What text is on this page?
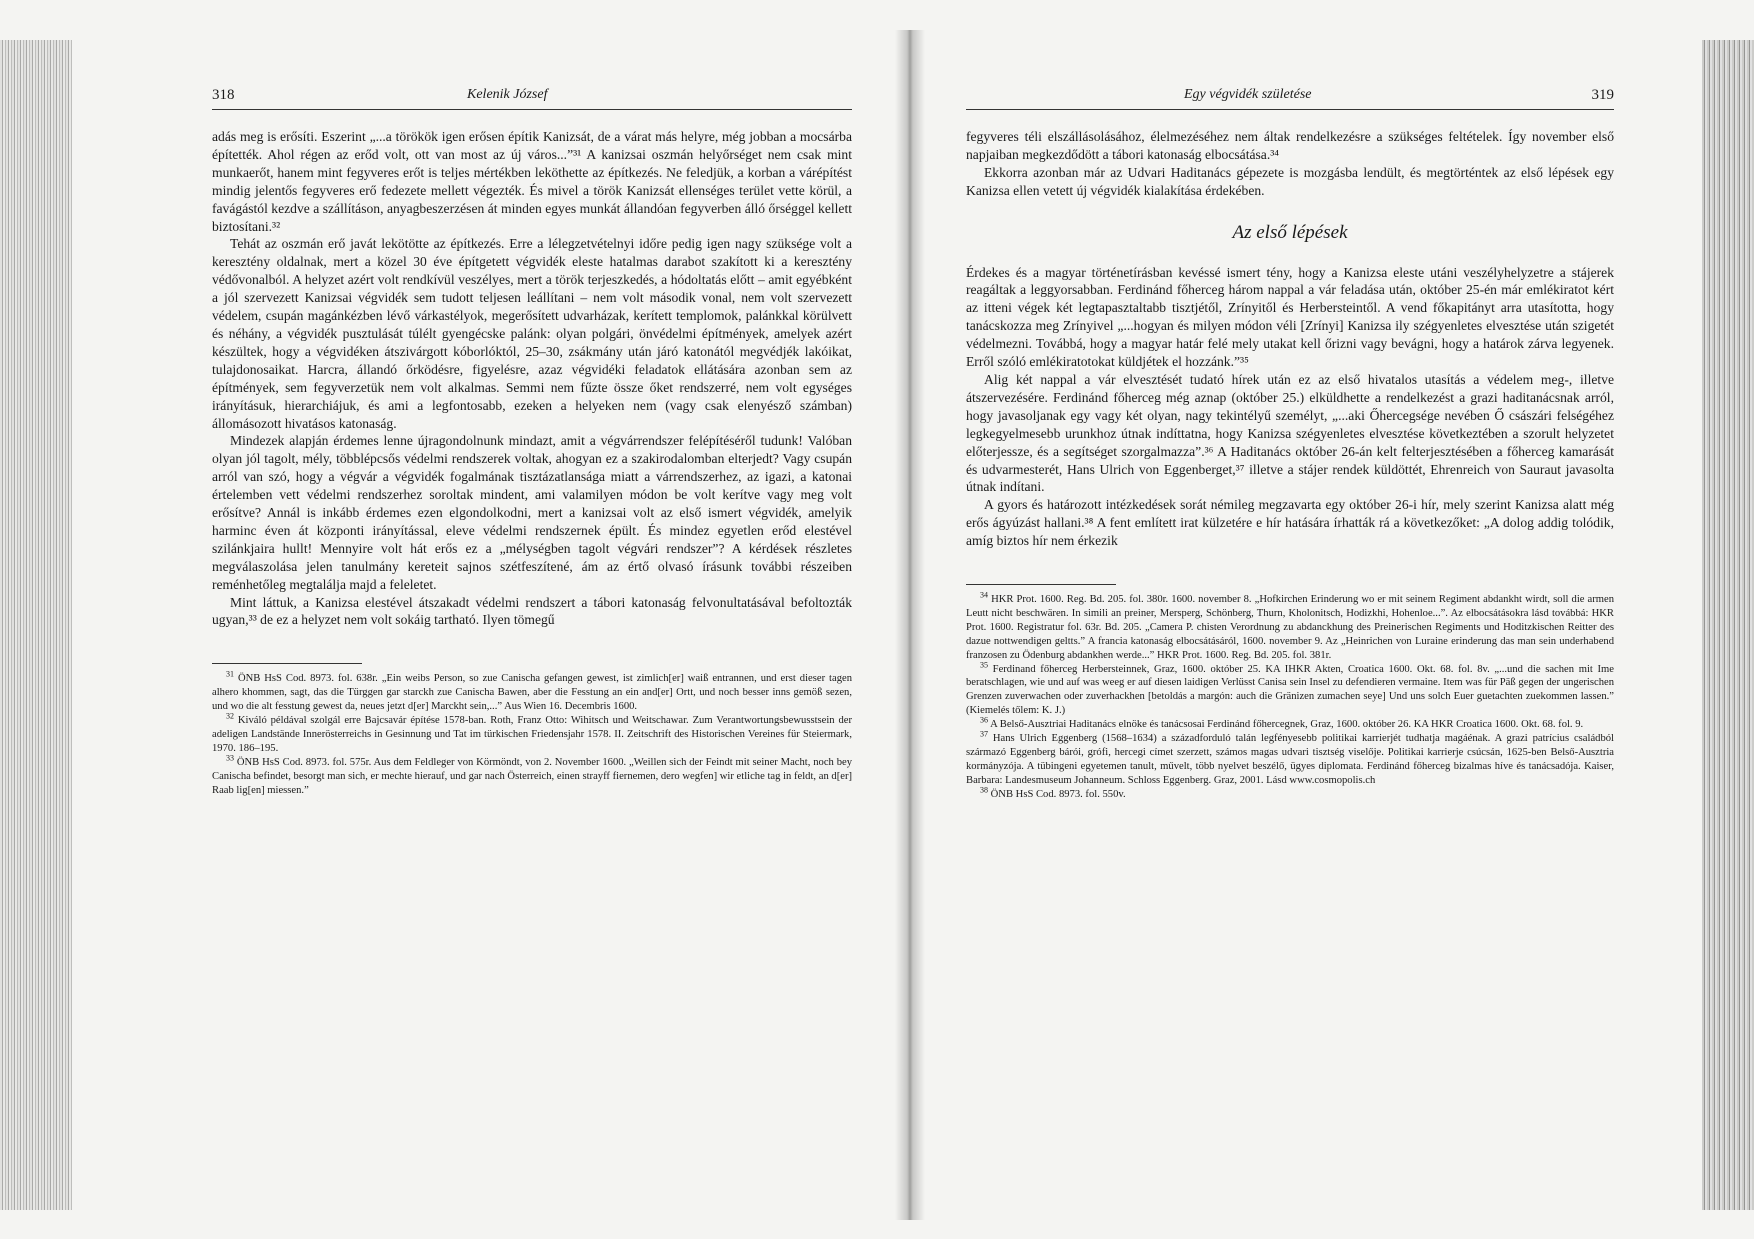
318	Kelenik József

adás meg is erősíti. Eszerint „...a törökök igen erősen építik Kanizsát, de a várat más helyre, még jobban a mocsárba építették. Ahol régen az erőd volt, ott van most az új város...”³¹ A kanizsai oszmán helyőrséget nem csak mint munkaerőt, hanem mint fegyveres erőt is teljes mértékben leköthette az építkezés. Ne feledjük, a korban a várépítést mindig jelentős fegyveres erő fedezete mellett végezték. És mivel a török Kanizsát ellenséges terület vette körül, a favágástól kezdve a szállításon, anyagbeszerzésen át minden egyes munkát állandóan fegyverben álló őrséggel kellett biztosítani.³²

Tehát az oszmán erő javát lekötötte az építkezés. Erre a lélegzetvételnyi időre pedig igen nagy szüksége volt a keresztény oldalnak, mert a közel 30 éve építgetett végvidék eleste hatalmas darabot szakított ki a keresztény védővonalból. A helyzet azért volt rendkívül veszélyes, mert a török terjeszkedés, a hódoltatás előtt – amit egyébként a jól szervezett Kanizsai végvidék sem tudott teljesen leállítani – nem volt második vonal, nem volt szervezett védelem, csupán magánkézben lévő várkastélyok, megerősített udvarházak, kerített templomok, palánkkal körülvett és néhány, a végvidék pusztulását túlélt gyengécske palánk: olyan polgári, önvédelmi építmények, amelyek azért készültek, hogy a végvidéken átszivárgott kóborlóktól, 25–30, zsákmány után járó katonától megvédjék lakóikat, tulajdonosaikat. Harcra, állandó őrködésre, figyelésre, azaz végvidéki feladatok ellátására azonban sem az építmények, sem fegyverzetük nem volt alkalmas. Semmi nem fűzte össze őket rendszerré, nem volt egységes irányításuk, hierarchiájuk, és ami a legfontosabb, ezeken a helyeken nem (vagy csak elenyésző számban) állomásozott hivatásos katonaság.

Mindezek alapján érdemes lenne újragondolnunk mindazt, amit a végvárrendszer felépítéséről tudunk! Valóban olyan jól tagolt, mély, többlépcsős védelmi rendszerek voltak, ahogyan ez a szakirodalomban elterjedt? Vagy csupán arról van szó, hogy a végvár a végvidék fogalmának tisztázatlansága miatt a várrendszerhez, az igazi, a katonai értelemben vett védelmi rendszerhez soroltak mindent, ami valamilyen módon be volt kerítve vagy meg volt erősítve? Annál is inkább érdemes ezen elgondolkodni, mert a kanizsai volt az első ismert végvidék, amelyik harminc éven át központi irányítással, eleve védelmi rendszernek épült. És mindez egyetlen erőd elestével szilánkjaira hullt! Mennyire volt hát erős ez a „mélységben tagolt végvári rendszer”? A kérdések részletes megválaszolása jelen tanulmány kereteit sajnos szétfeszítené, ám az értő olvasó írásunk további részeiben reménhetőleg megtalálja majd a feleletet.

Mint láttuk, a Kanizsa elestével átszakadt védelmi rendszert a tábori katonaság felvonultatásával befoltozták ugyan,³³ de ez a helyzet nem volt sokáig tartható. Ilyen tömegű

$^{31}$ ÖNB HsS Cod. 8973. fol. 638r. „Ein weibs Person, so zue Canischa gefangen gewest, ist zimlich[er] waiß entrannen, und erst dieser tagen alhero khommen, sagt, das die Türggen gar starckh zue Canischa Bawen, aber die Fesstung an ein and[er] Ortt, und noch besser inns gemöß sezen, und wo die alt fesstung gewest da, neues jetzt d[er] Marckht sein,...” Aus Wien 16. Decembris 1600.

$^{32}$ Kiváló példával szolgál erre Bajcsavár építése 1578-ban. Roth, Franz Otto: Wihitsch und Weitschawar. Zum Verantwortungsbewusstsein der adeligen Landstände Innerösterreichs in Gesinnung und Tat im türkischen Friedensjahr 1578. II. Zeitschrift des Historischen Vereines für Steiermark, 1970. 186–195.

$^{33}$ ÖNB HsS Cod. 8973. fol. 575r. Aus dem Feldleger von Körmöndt, von 2. November 1600. „Weillen sich der Feindt mit seiner Macht, noch bey Canischa befindet, besorgt man sich, er mechte hierauf, und gar nach Österreich, einen strayff fiernemen, dero wegfen] wir etliche tag in feldt, an d[er] Raab lig[en] miessen.”

Egy végvidék születése	319

fegyveres téli elszállásolásához, élelmezéséhez nem áltak rendelkezésre a szükséges feltételek. Így november első napjaiban megkezdődött a tábori katonaság elbocsátása.³⁴

Ekkorra azonban már az Udvari Haditanács gépezete is mozgásba lendült, és megtörténtek az első lépések egy Kanizsa ellen vetett új végvidék kialakítása érdekében.

Az első lépések

Érdekes és a magyar történetírásban kevéssé ismert tény, hogy a Kanizsa eleste utáni veszélyhelyzetre a stájerek reagáltak a leggyorsabban. Ferdinánd főherceg három nappal a vár feladása után, október 25-én már emlékiratot kért az itteni végek két legtapasztaltabb tisztjétől, Zrínyitől és Herbersteintől. A vend főkapitányt arra utasította, hogy tanácskozza meg Zrínyivel „...hogyan és milyen módon véli [Zrínyi] Kanizsa ily szégyenletes elvesztése után szigetét védelmezni. Továbbá, hogy a magyar határ felé mely utakat kell őrizni vagy bevágni, hogy a határok zárva legyenek. Erről szóló emlékiratotokat küldjétek el hozzánk.”³⁵

Alig két nappal a vár elvesztését tudató hírek után ez az első hivatalos utasítás a védelem meg-, illetve átszervezésére. Ferdinánd főherceg még aznap (október 25.) elküldhette a rendelkezést a grazi haditanácsnak arról, hogy javasoljanak egy vagy két olyan, nagy tekintélyű személyt, „...aki Őhercegsége nevében Ő császári felségéhez legkegyelmesebb urunkhoz útnak indíttatna, hogy Kanizsa szégyenletes elvesztése következtében a szorult helyzetet előterjessze, és a segítséget szorgalmazza”.³⁶ A Haditanács október 26-án kelt felterjesztésében a főherceg kamarását és udvarmesterét, Hans Ulrich von Eggenberget,³⁷ illetve a stájer rendek küldöttét, Ehrenreich von Sauraut javasolta útnak indítani.

A gyors és határozott intézkedések sorát némileg megzavarta egy október 26-i hír, mely szerint Kanizsa alatt még erős ágyúzást hallani.³⁸ A fent említett irat külzetére e hír hatására írhatták rá a következőket: „A dolog addig tolódik, amíg biztos hír nem érkezik

$^{34}$ HKR Prot. 1600. Reg. Bd. 205. fol. 380r. 1600. november 8. „Hofkirchen Erinderung wo er mit seinem Regiment abdankht wirdt, soll die armen Leutt nicht beschwären. In simili an preiner, Mersperg, Schönberg, Thurn, Kholonitsch, Hodizkhi, Hohenloe...”. Az elbocsátásokra lásd továbbá: HKR Prot. 1600. Registratur fol. 63r. Bd. 205. „Camera P. chisten Verordnung zu abdanckhung des Preinerischen Regiments und Hoditzkischen Reitter des dazue nottwendigen geltts.” A francia katonaság elbocsátásáról, 1600. november 9. Az „Heinrichen von Luraine erinderung das man sein underhabend franzosen zu Ödenburg abdankhen werde...” HKR Prot. 1600. Reg. Bd. 205. fol. 381r.

$^{35}$ Ferdinand főherceg Herbersteinnek, Graz, 1600. október 25. KA IHKR Akten, Croatica 1600. Okt. 68. fol. 8v. „...und die sachen mit Ime beratschlagen, wie und auf was weeg er auf diesen laidigen Verlüsst Canisa sein Insel zu defendieren vermaine. Item was für Päß gegen der ungerischen Grenzen zuverwachen oder zuverhackhen [betoldás a margón: auch die Gränizen zumachen seye] Und uns solch Euer guetachten zuekommen lassen.” (Kiemelés tőlem: K. J.)

$^{36}$ A Belső-Ausztriai Haditanács elnöke és tanácsosai Ferdinánd főhercegnek, Graz, 1600. október 26. KA HKR Croatica 1600. Okt. 68. fol. 9.

$^{37}$ Hans Ulrich Eggenberg (1568–1634) a századforduló talán legfényesebb politikai karrierjét tudhatja magáénak. A grazi patrícius családból származó Eggenberg bárói, grófi, hercegi címet szerzett, számos magas udvari tisztség viselője. Politikai karrierje csúcsán, 1625-ben Belső-Ausztria kormányzója. A tübingeni egyetemen tanult, művelt, több nyelvet beszélő, ügyes diplomata. Ferdinánd főherceg bizalmas híve és tanácsadója. Kaiser, Barbara: Landesmuseum Johanneum. Schloss Eggenberg. Graz, 2001. Lásd www.cosmopolis.ch

$^{38}$ ÖNB HsS Cod. 8973. fol. 550v.
